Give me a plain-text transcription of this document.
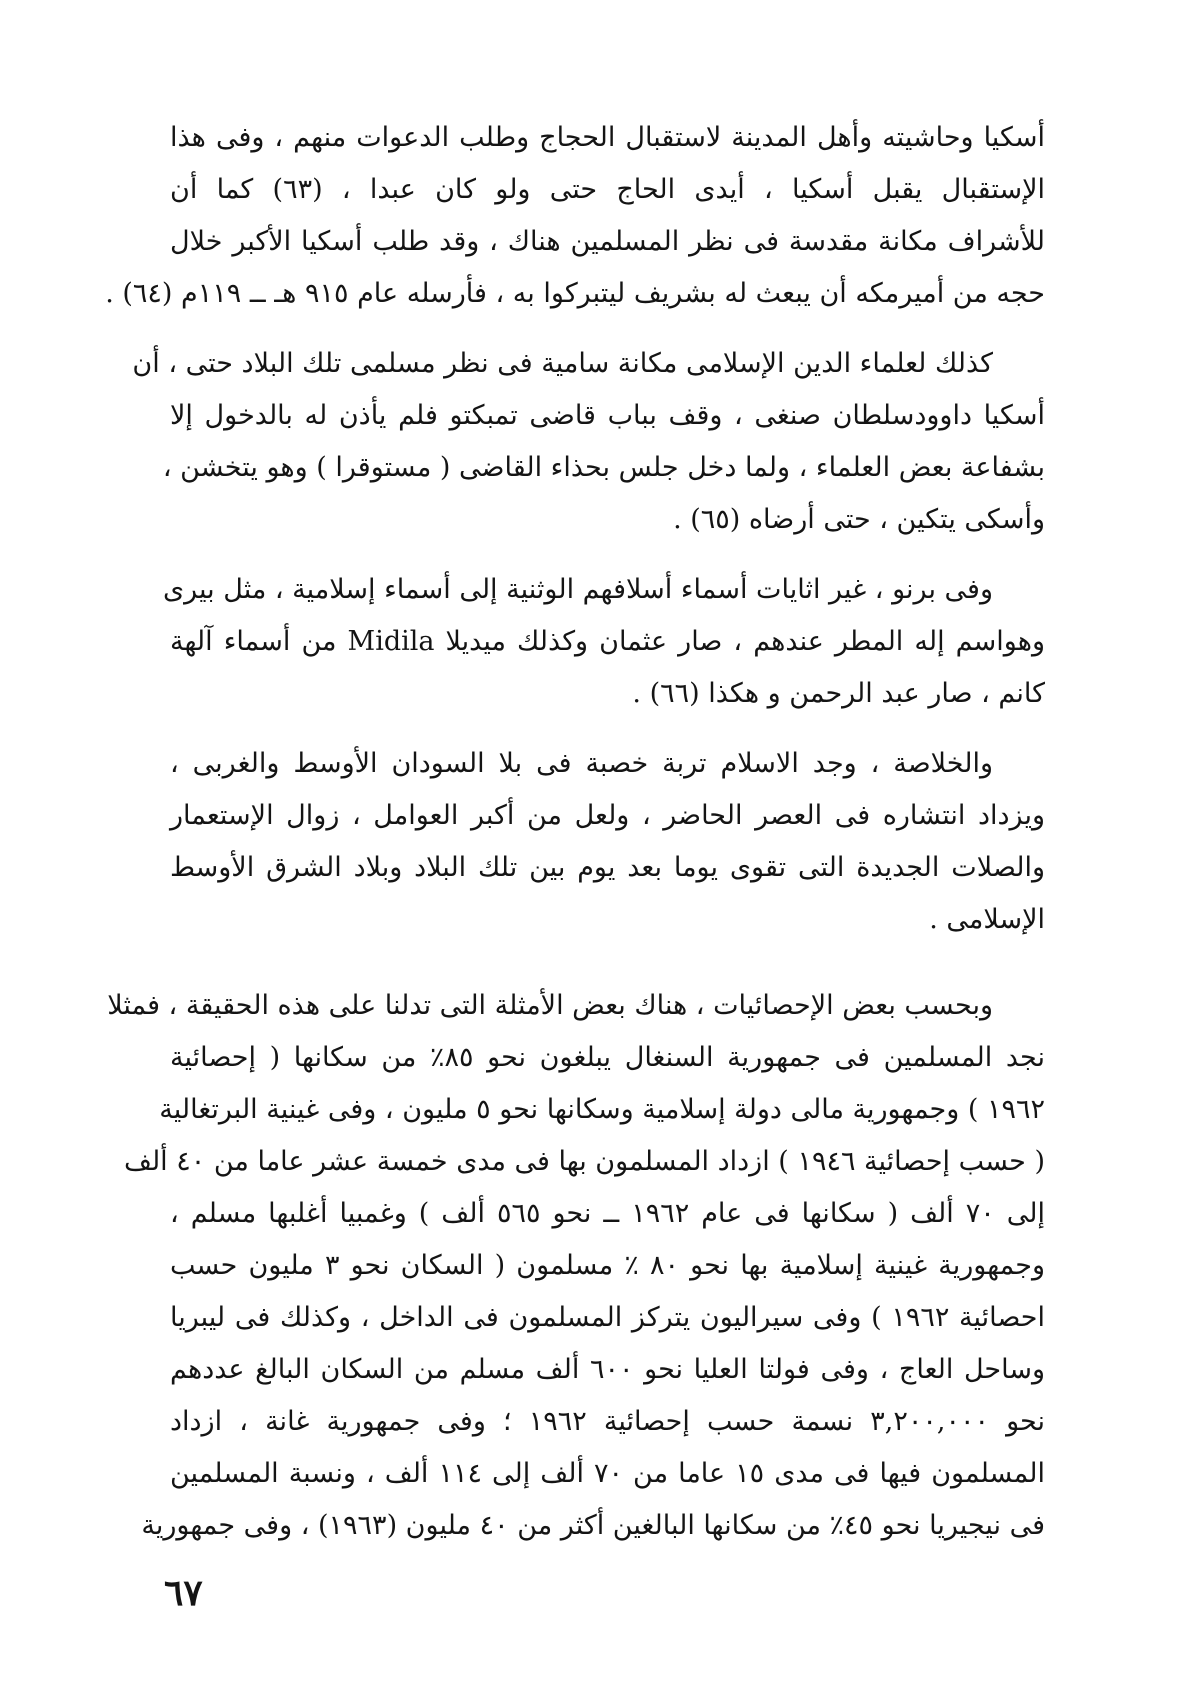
أسكيا وحاشيته وأهل المدينة لاستقبال الحجاج وطلب الدعوات منهم ، وفى هذا
الإستقبال يقبل أسكيا ، أيدى الحاج حتى ولو كان عبدا ، (٦٣) كما أن
للأشراف مكانة مقدسة فى نظر المسلمين هناك ، وقد طلب أسكيا الأكبر خلال
حجه من أميرمكه أن يبعث له بشريف ليتبركوا به ، فأرسله عام ٩١٥ هـ ــ ١١٩م (٦٤) .
كذلك لعلماء الدين الإسلامى مكانة سامية فى نظر مسلمى تلك البلاد حتى ، أن
أسكيا داوودسلطان صنغى ، وقف بباب قاضى تمبكتو فلم يأذن له بالدخول إلا
بشفاعة بعض العلماء ، ولما دخل جلس بحذاء القاضى ( مستوقرا ) وهو يتخشن ،
وأسكى يتكين ، حتى أرضاه (٦٥) .
وفى برنو ، غير اثايات أسماء أسلافهم الوثنية إلى أسماء إسلامية ، مثل بيرى
وهواسم إله المطر عندهم ، صار عثمان وكذلك ميديلا Midila من أسماء آلهة
كانم ، صار عبد الرحمن و هكذا (٦٦) .
والخلاصة ، وجد الاسلام تربة خصبة فى بلا السودان الأوسط والغربى ،
ويزداد انتشاره فى العصر الحاضر ، ولعل من أكبر العوامل ، زوال الإستعمار
والصلات الجديدة التى تقوى يوما بعد يوم بين تلك البلاد وبلاد الشرق الأوسط
الإسلامى .
وبحسب بعض الإحصائيات ، هناك بعض الأمثلة التى تدلنا على هذه الحقيقة ، فمثلا
نجد المسلمين فى جمهورية السنغال يبلغون نحو ٨٥٪ من سكانها ( إحصائية
١٩٦٢ ) وجمهورية مالى دولة إسلامية وسكانها نحو ٥ مليون ، وفى غينية البرتغالية
( حسب إحصائية ١٩٤٦ ) ازداد المسلمون بها فى مدى خمسة عشر عاما من ٤٠ ألف
إلى ٧٠ ألف ( سكانها فى عام ١٩٦٢ ــ نحو ٥٦٥ ألف ) وغمبيا أغلبها مسلم ،
وجمهورية غينية إسلامية بها نحو ٨٠ ٪ مسلمون ( السكان نحو ٣ مليون حسب
احصائية ١٩٦٢ ) وفى سيراليون يتركز المسلمون فى الداخل ، وكذلك فى ليبريا
وساحل العاج ، وفى فولتا العليا نحو ٦٠٠ ألف مسلم من السكان البالغ عددهم
نحو ٣,٢٠٠,٠٠٠ نسمة حسب إحصائية ١٩٦٢ ؛ وفى جمهورية غانة ، ازداد
المسلمون فيها فى مدى ١٥ عاما من ٧٠ ألف إلى ١١٤ ألف ، ونسبة المسلمين
فى نيجيريا نحو ٤٥٪ من سكانها البالغين أكثر من ٤٠ مليون (١٩٦٣) ، وفى جمهورية
٦٧
